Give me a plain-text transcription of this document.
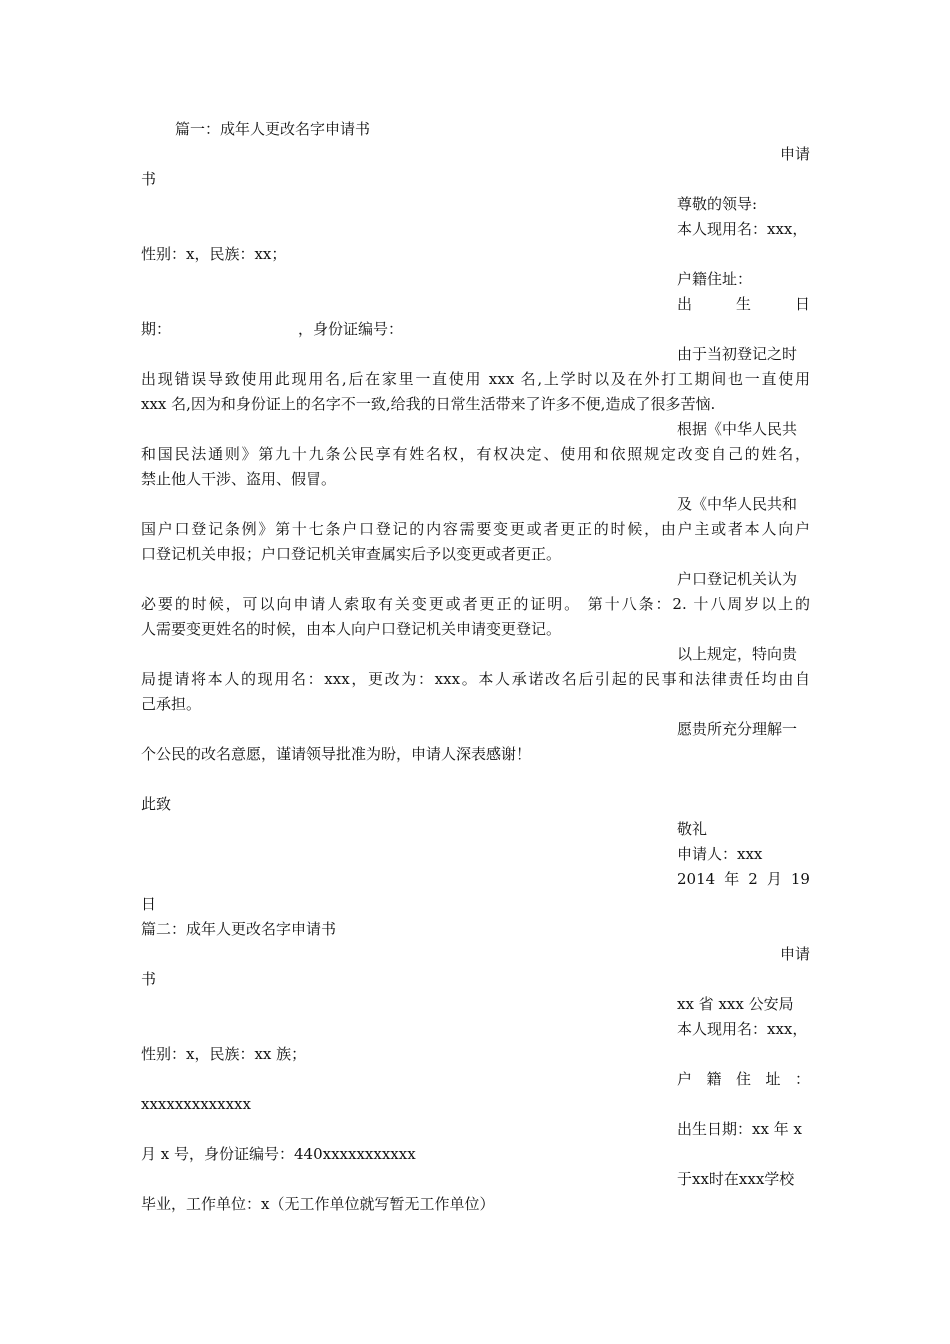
篇一：成年人更改名字申请书
申请
书
尊敬的领导:
本人现用名：xxx，
性别：x，民族：xx；
户籍住址：
出	生	日
期：	，身份证编号：
由于当初登记之时
出现错误导致使用此现用名,后在家里一直使用 xxx 名,上学时以及在外打工期间也一直使用
xxx 名,因为和身份证上的名字不一致,给我的日常生活带来了许多不便,造成了很多苦恼.
根据《中华人民共
和国民法通则》第九十九条公民享有姓名权，有权决定、使用和依照规定改变自己的姓名，
禁止他人干涉、盗用、假冒。
及《中华人民共和
国户口登记条例》第十七条户口登记的内容需要变更或者更正的时候，由户主或者本人向户
口登记机关申报；户口登记机关审查属实后予以变更或者更正。
户口登记机关认为
必要的时候，可以向申请人索取有关变更或者更正的证明。 第十八条：2. 十八周岁以上的
人需要变更姓名的时候，由本人向户口登记机关申请变更登记。
以上规定，特向贵
局提请将本人的现用名：xxx，更改为：xxx。本人承诺改名后引起的民事和法律责任均由自
己承担。
愿贵所充分理解一
个公民的改名意愿，谨请领导批准为盼，申请人深表感谢！
此致
敬礼
申请人：xxx
2014 年 2 月 19
日
篇二：成年人更改名字申请书
申请
书
xx 省 xxx 公安局
本人现用名：xxx，
性别：x，民族：xx 族；
户 籍 住 址 ：
xxxxxxxxxxxxx
出生日期：xx 年 x
月 x 号，身份证编号：440xxxxxxxxxxx
于xx时在xxx学校
毕业，工作单位：x（无工作单位就写暂无工作单位）
